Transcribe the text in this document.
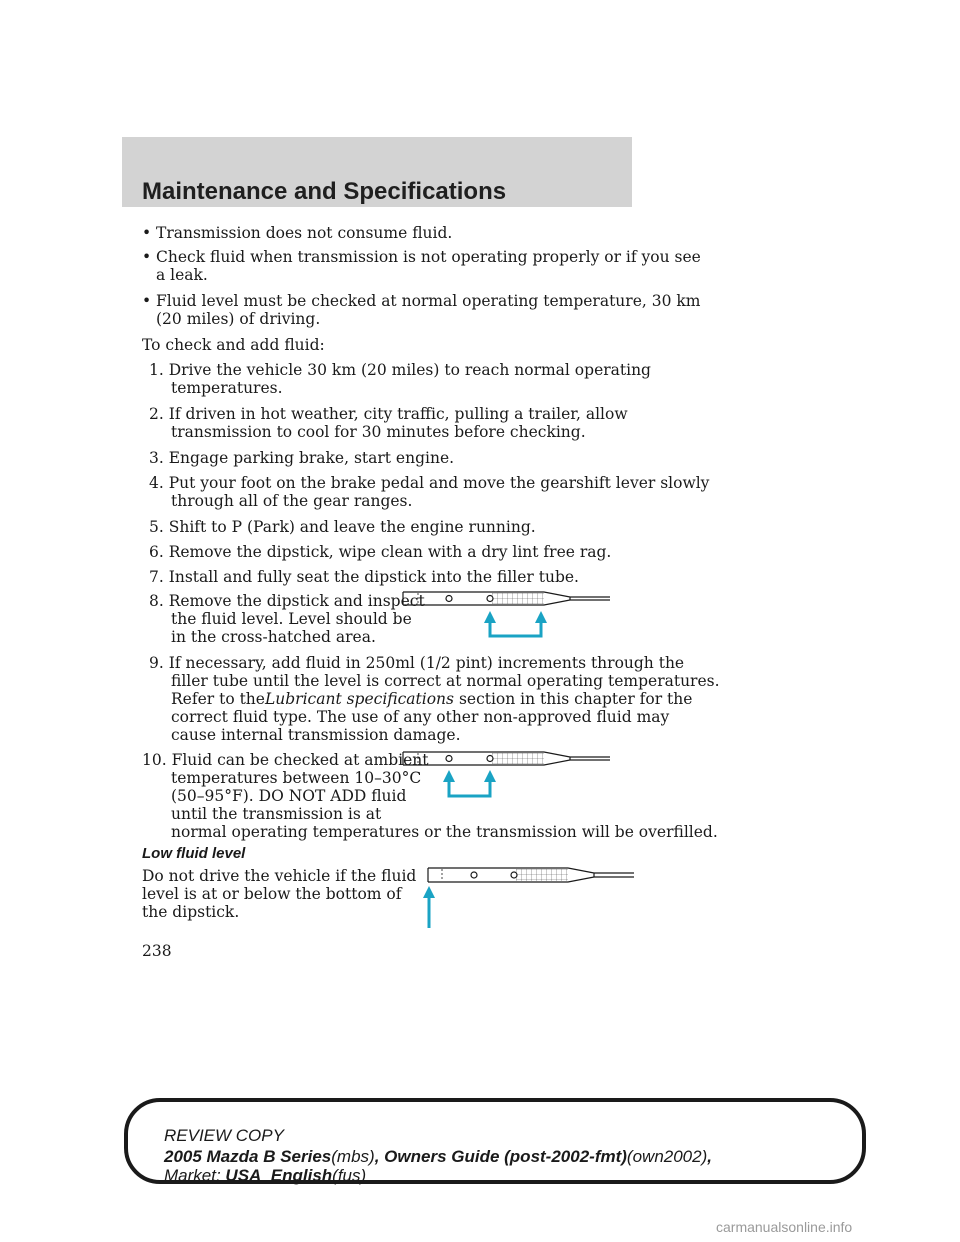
Maintenance and Specifications
• Transmission does not consume fluid.
• Check fluid when transmission is not operating properly or if you see
a leak.
• Fluid level must be checked at normal operating temperature, 30 km
(20 miles) of driving.
To check and add fluid:
1. Drive the vehicle 30 km (20 miles) to reach normal operating
temperatures.
2. If driven in hot weather, city traffic, pulling a trailer, allow
transmission to cool for 30 minutes before checking.
3. Engage parking brake, start engine.
4. Put your foot on the brake pedal and move the gearshift lever slowly
through all of the gear ranges.
5. Shift to P (Park) and leave the engine running.
6. Remove the dipstick, wipe clean with a dry lint free rag.
7. Install and fully seat the dipstick into the filler tube.
8. Remove the dipstick and inspect
the fluid level. Level should be
in the cross-hatched area.
9. If necessary, add fluid in 250ml (1/2 pint) increments through the
filler tube until the level is correct at normal operating temperatures.
Refer to theLubricant specifications section in this chapter for the
correct fluid type. The use of any other non-approved fluid may
cause internal transmission damage.
10. Fluid can be checked at ambient
temperatures between 10–30°C
(50–95°F). DO NOT ADD fluid
until the transmission is at
normal operating temperatures or the transmission will be overfilled.
Low fluid level
Do not drive the vehicle if the fluid
level is at or below the bottom of
the dipstick.
238
REVIEW COPY
2005 Mazda B Series(mbs), Owners Guide (post-2002-fmt)(own2002),
Market: USA_English(fus)
carmanualsonline.info
